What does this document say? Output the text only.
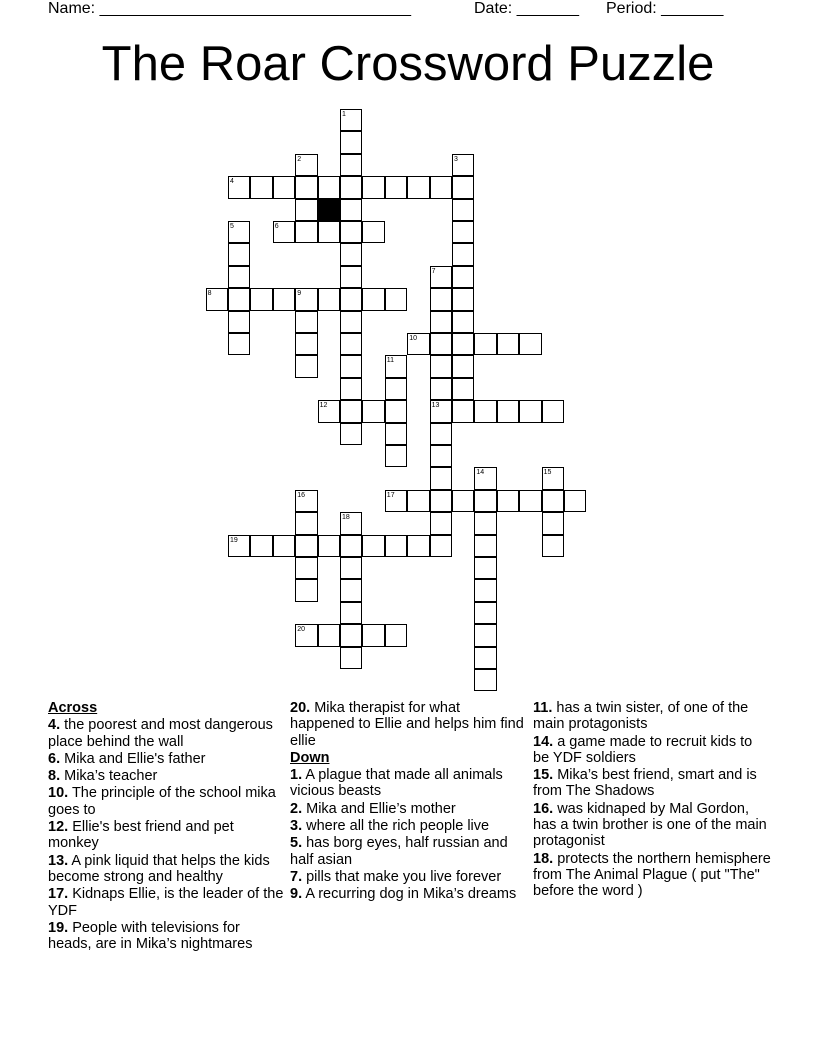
Name: ___________________________________	Date: _______ Period: _______
The Roar Crossword Puzzle
1
2	3
4
5	6
7
8	9
10
11
12	13
14	15
16	17
18
19
20
Across
4. the poorest and most dangerous place behind the wall
6. Mika and Ellie's father
8. Mika’s teacher
10. The principle of the school mika goes to
12. Ellie's best friend and pet monkey
13. A pink liquid that helps the kids become strong and healthy
17. Kidnaps Ellie, is the leader of the YDF
19. People with televisions for heads, are in Mika’s nightmares
20. Mika therapist for what happened to Ellie and helps him find ellie
Down
1. A plague that made all animals vicious beasts
2. Mika and Ellie’s mother
3. where all the rich people live
5. has borg eyes, half russian and half asian
7. pills that make you live forever
9. A recurring dog in Mika’s dreams
11. has a twin sister, of one of the main protagonists
14. a game made to recruit kids to be YDF soldiers
15. Mika’s best friend, smart and is from The Shadows
16. was kidnaped by Mal Gordon, has a twin brother is one of the main protagonist
18. protects the northern hemisphere from The Animal Plague ( put "The" before the word )
